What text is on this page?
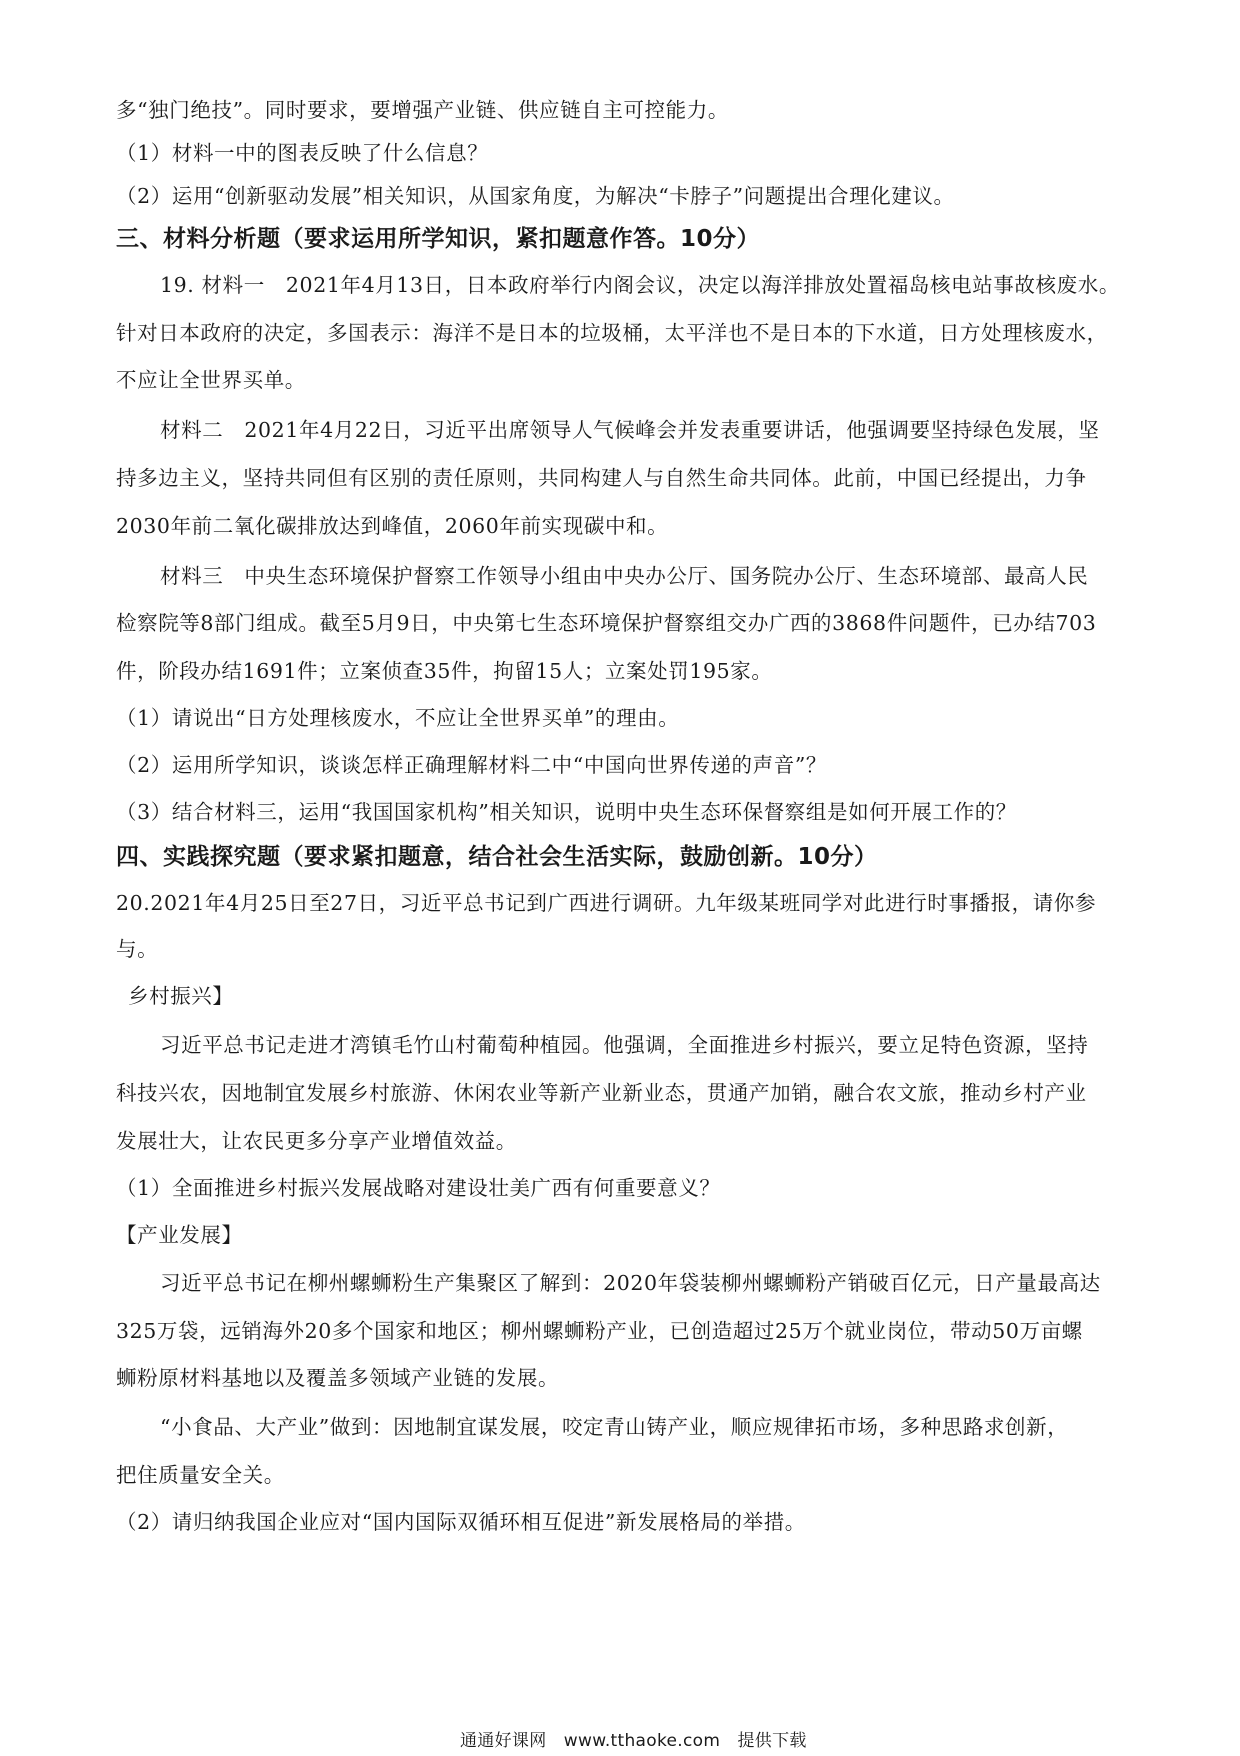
多“独门绝技”。同时要求，要增强产业链、供应链自主可控能力。

（1）材料一中的图表反映了什么信息？

（2）运用“创新驱动发展”相关知识，从国家角度，为解决“卡脖子”问题提出合理化建议。

三、材料分析题（要求运用所学知识，紧扣题意作答。10分）

19. 材料一　2021年4月13日，日本政府举行内阁会议，决定以海洋排放处置福岛核电站事故核废水。

针对日本政府的决定，多国表示：海洋不是日本的垃圾桶，太平洋也不是日本的下水道，日方处理核废水，

不应让全世界买单。

材料二　2021年4月22日，习近平出席领导人气候峰会并发表重要讲话，他强调要坚持绿色发展，坚

持多边主义，坚持共同但有区别的责任原则，共同构建人与自然生命共同体。此前，中国已经提出，力争

2030年前二氧化碳排放达到峰值，2060年前实现碳中和。

材料三　中央生态环境保护督察工作领导小组由中央办公厅、国务院办公厅、生态环境部、最高人民

检察院等8部门组成。截至5月9日，中央第七生态环境保护督察组交办广西的3868件问题件，已办结703

件，阶段办结1691件；立案侦查35件，拘留15人；立案处罚195家。

（1）请说出“日方处理核废水，不应让全世界买单”的理由。

（2）运用所学知识，谈谈怎样正确理解材料二中“中国向世界传递的声音”？

（3）结合材料三，运用“我国国家机构”相关知识，说明中央生态环保督察组是如何开展工作的？

四、实践探究题（要求紧扣题意，结合社会生活实际，鼓励创新。10分）

20.2021年4月25日至27日，习近平总书记到广西进行调研。九年级某班同学对此进行时事播报，请你参

与。

乡村振兴】

习近平总书记走进才湾镇毛竹山村葡萄种植园。他强调，全面推进乡村振兴，要立足特色资源，坚持

科技兴农，因地制宜发展乡村旅游、休闲农业等新产业新业态，贯通产加销，融合农文旅，推动乡村产业

发展壮大，让农民更多分享产业增值效益。

（1）全面推进乡村振兴发展战略对建设壮美广西有何重要意义？

【产业发展】

习近平总书记在柳州螺蛳粉生产集聚区了解到：2020年袋装柳州螺蛳粉产销破百亿元，日产量最高达

325万袋，远销海外20多个国家和地区；柳州螺蛳粉产业，已创造超过25万个就业岗位，带动50万亩螺

蛳粉原材料基地以及覆盖多领域产业链的发展。

“小食品、大产业”做到：因地制宜谋发展，咬定青山铸产业，顺应规律拓市场，多种思路求创新，

把住质量安全关。

（2）请归纳我国企业应对“国内国际双循环相互促进”新发展格局的举措。

通通好课网　www.tthaoke.com　提供下载
